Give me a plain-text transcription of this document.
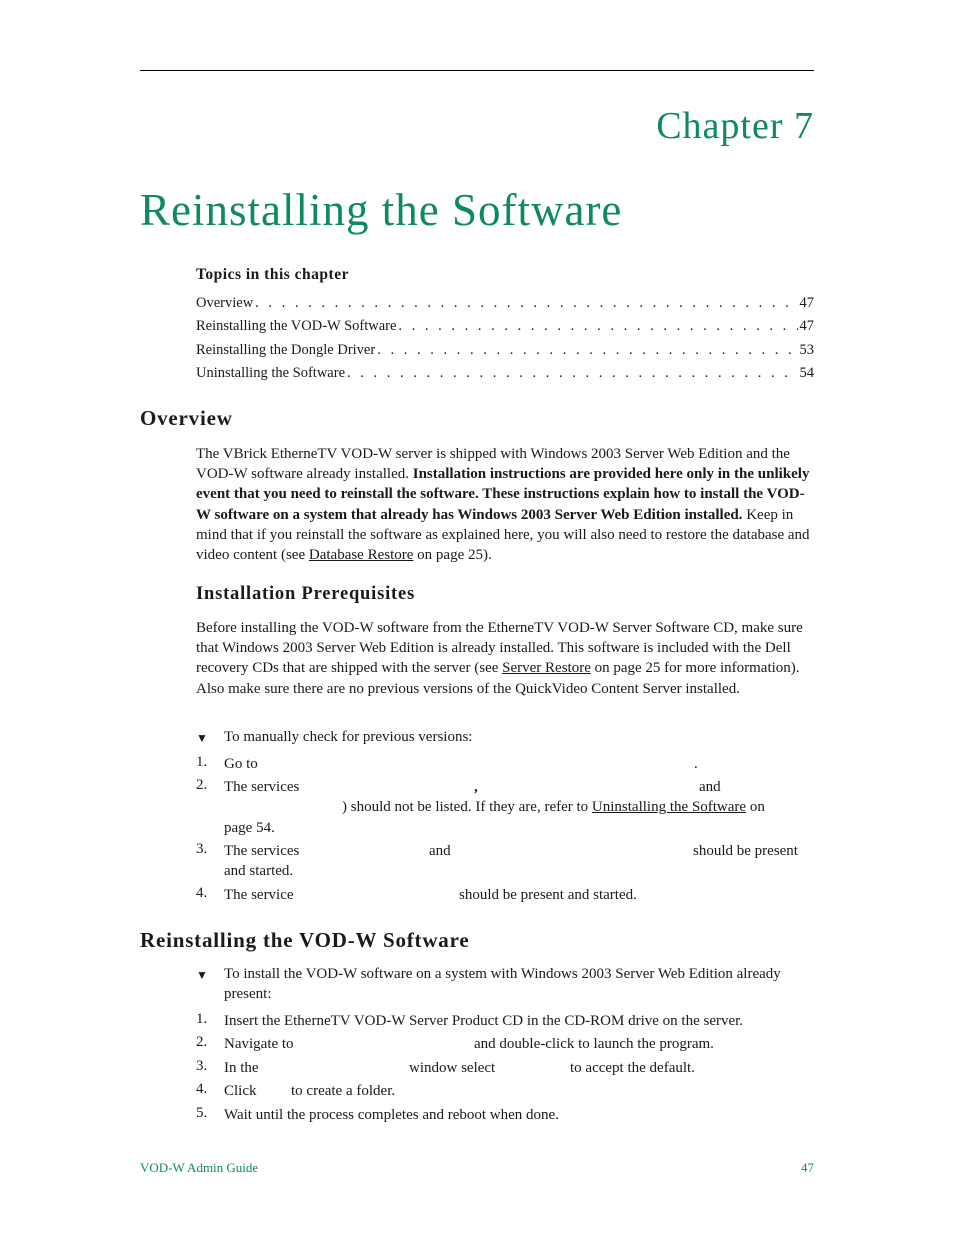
Chapter 7
Reinstalling the Software
Topics in this chapter
Overview . . .	47
Reinstalling the VOD-W Software . . .	47
Reinstalling the Dongle Driver . . .	53
Uninstalling the Software . . .	54
Overview
The VBrick EtherneTV VOD-W server is shipped with Windows 2003 Server Web Edition and the VOD-W software already installed. Installation instructions are provided here only in the unlikely event that you need to reinstall the software. These instructions explain how to install the VOD-W software on a system that already has Windows 2003 Server Web Edition installed. Keep in mind that if you reinstall the software as explained here, you will also need to restore the database and video content (see Database Restore on page 25).
Installation Prerequisites
Before installing the VOD-W software from the EtherneTV VOD-W Server Software CD, make sure that Windows 2003 Server Web Edition is already installed. This software is included with the Dell recovery CDs that are shipped with the server (see Server Restore on page 25 for more information). Also make sure there are no previous versions of the QuickVideo Content Server installed.
▼ To manually check for previous versions:
1. Go to	.
2. The services	,	and
) should not be listed. If they are, refer to Uninstalling the Software on
page 54.
3. The services	and	should be present
and started.
4. The service	should be present and started.
Reinstalling the VOD-W Software
▼ To install the VOD-W software on a system with Windows 2003 Server Web Edition already present:
1. Insert the EtherneTV VOD-W Server Product CD in the CD-ROM drive on the server.
2. Navigate to	and double-click to launch the program.
3. In the	window select	to accept the default.
4. Click to create a folder.
5. Wait until the process completes and reboot when done.
VOD-W Admin Guide	47
